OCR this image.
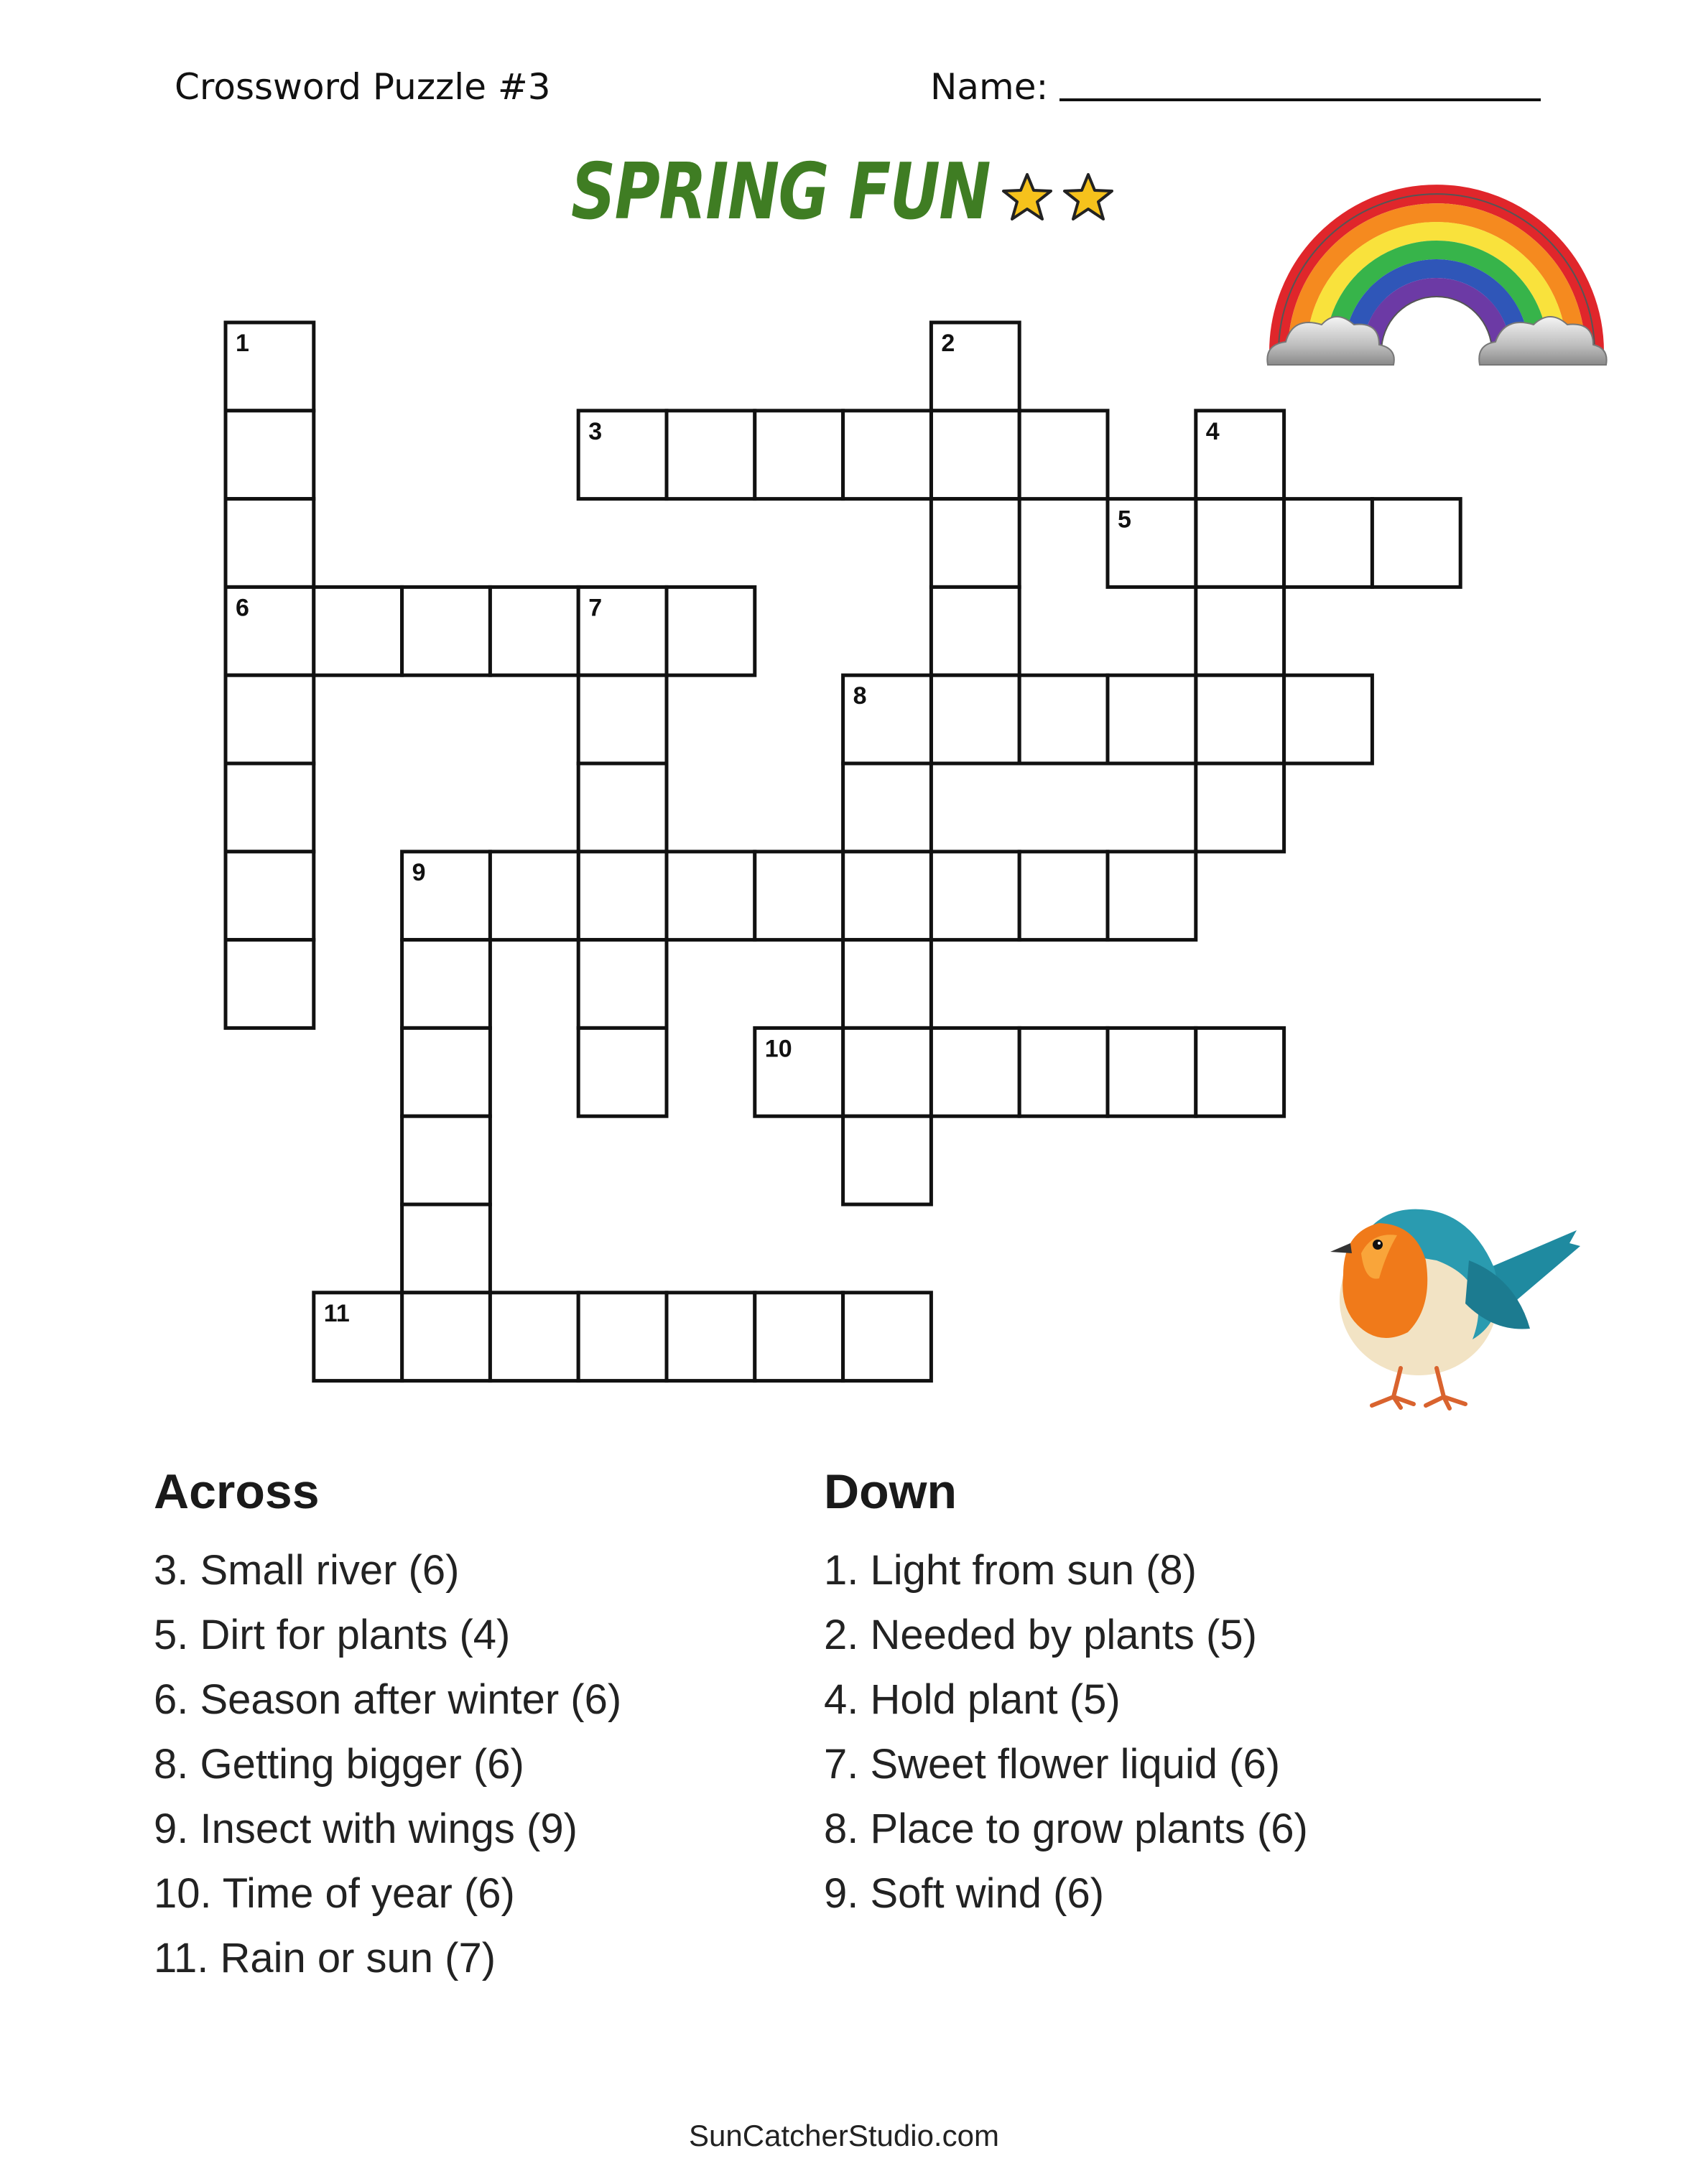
Crossword Puzzle #3	Name:
SPRING FUN
1
6
2
3	4
5
7
8
9
10
11
Across
3. Small river (6)
5. Dirt for plants (4)
6. Season after winter (6)
8. Getting bigger (6)
9. Insect with wings (9)
10. Time of year (6)
11. Rain or sun (7)
Down
1. Light from sun (8)
2. Needed by plants (5)
4. Hold plant (5)
7. Sweet flower liquid (6)
8. Place to grow plants (6)
9. Soft wind (6)
SunCatcherStudio.com
